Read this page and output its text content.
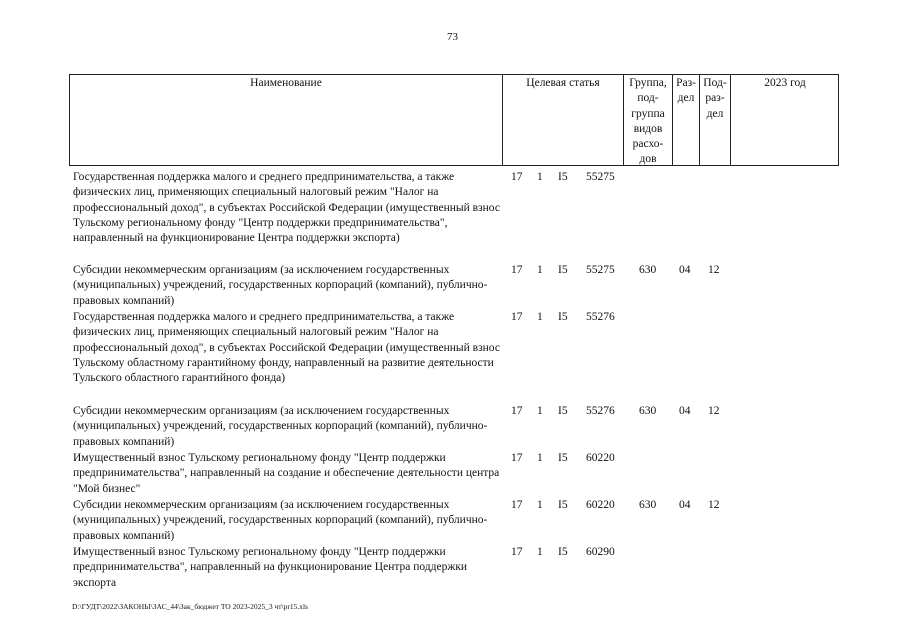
73
Наименование	Целевая статья	Группа,
под-
группа
видов
расхо-
дов
Раз-
дел
Под-
раз-
дел
2023 год
Государственная поддержка малого и среднего предпринимательства, а также физических лиц, применяющих специальный налоговый режим "Налог на профессиональный доход", в субъектах Российской Федерации (имущественный взнос Тульскому региональному фонду "Центр поддержки предпринимательства", направленный на функционирование Центра поддержки экспорта)
17 1 I5 55275
Субсидии некоммерческим организациям (за исключением государственных (муниципальных) учреждений, государственных корпораций (компаний), публично-правовых компаний)
17 1 I5 55275 630 04 12
Государственная поддержка малого и среднего предпринимательства, а также физических лиц, применяющих специальный налоговый режим "Налог на профессиональный доход", в субъектах Российской Федерации (имущественный взнос Тульскому областному гарантийному фонду, направленный на развитие деятельности Тульского областного гарантийного фонда)
17 1 I5 55276
Субсидии некоммерческим организациям (за исключением государственных (муниципальных) учреждений, государственных корпораций (компаний), публично-правовых компаний)
17 1 I5 55276 630 04 12
Имущественный взнос Тульскому региональному фонду "Центр поддержки предпринимательства", направленный на создание и обеспечение деятельности центра "Мой бизнес"
17 1 I5 60220
Субсидии некоммерческим организациям (за исключением государственных (муниципальных) учреждений, государственных корпораций (компаний), публично-правовых компаний)
17 1 I5 60220 630 04 12
Имущественный взнос Тульскому региональному фонду "Центр поддержки предпринимательства", направленный на функционирование Центра поддержки экспорта
17 1 I5 60290
D:\ГУДТ\2022\ЗАКОНЫ\ЗАС_44\Зак_бюджет ТО 2023-2025_3 чт\pr15.xls
